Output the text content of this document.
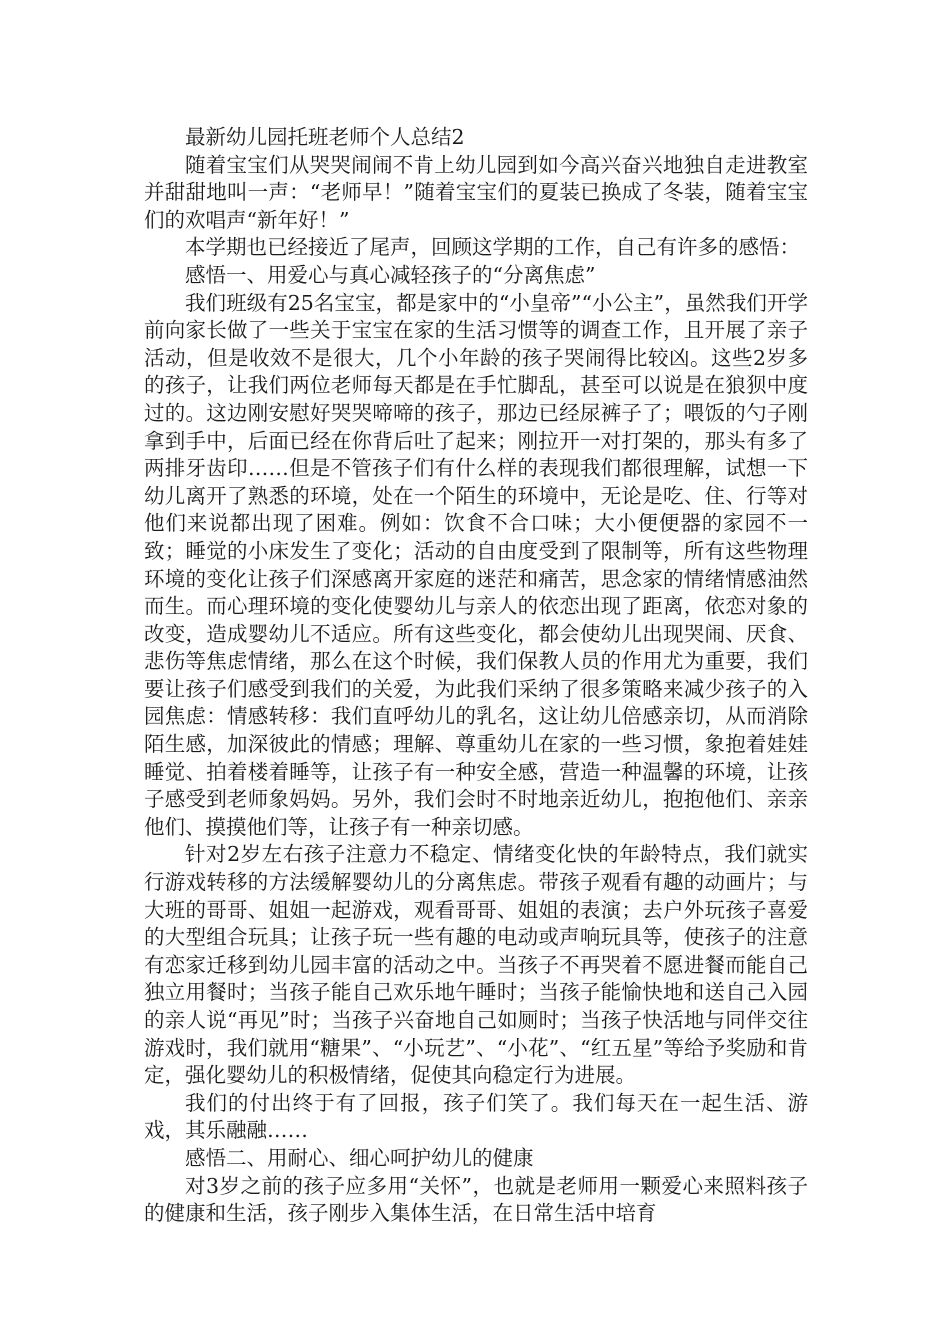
最新幼儿园托班老师个人总结2

随着宝宝们从哭哭闹闹不肯上幼儿园到如今高兴奋兴地独自走进教室并甜甜地叫一声：“老师早！”随着宝宝们的夏装已换成了冬装，随着宝宝们的欢唱声“新年好！”

本学期也已经接近了尾声，回顾这学期的工作，自己有许多的感悟：

感悟一、用爱心与真心减轻孩子的“分离焦虑”

我们班级有25名宝宝，都是家中的“小皇帝”“小公主”，虽然我们开学前向家长做了一些关于宝宝在家的生活习惯等的调查工作，且开展了亲子活动，但是收效不是很大，几个小年龄的孩子哭闹得比较凶。这些2岁多的孩子，让我们两位老师每天都是在手忙脚乱，甚至可以说是在狼狈中度过的。这边刚安慰好哭哭啼啼的孩子，那边已经尿裤子了；喂饭的勺子刚拿到手中，后面已经在你背后吐了起来；刚拉开一对打架的，那头有多了两排牙齿印……但是不管孩子们有什么样的表现我们都很理解，试想一下幼儿离开了熟悉的环境，处在一个陌生的环境中，无论是吃、住、行等对他们来说都出现了困难。例如：饮食不合口味；大小便便器的家园不一致；睡觉的小床发生了变化；活动的自由度受到了限制等，所有这些物理环境的变化让孩子们深感离开家庭的迷茫和痛苦，思念家的情绪情感油然而生。而心理环境的变化使婴幼儿与亲人的依恋出现了距离，依恋对象的改变，造成婴幼儿不适应。所有这些变化，都会使幼儿出现哭闹、厌食、悲伤等焦虑情绪，那么在这个时候，我们保教人员的作用尤为重要，我们要让孩子们感受到我们的关爱，为此我们采纳了很多策略来减少孩子的入园焦虑：情感转移：我们直呼幼儿的乳名，这让幼儿倍感亲切，从而消除陌生感，加深彼此的情感；理解、尊重幼儿在家的一些习惯，象抱着娃娃睡觉、拍着楼着睡等，让孩子有一种安全感，营造一种温馨的环境，让孩子感受到老师象妈妈。另外，我们会时不时地亲近幼儿，抱抱他们、亲亲他们、摸摸他们等，让孩子有一种亲切感。

针对2岁左右孩子注意力不稳定、情绪变化快的年龄特点，我们就实行游戏转移的方法缓解婴幼儿的分离焦虑。带孩子观看有趣的动画片；与大班的哥哥、姐姐一起游戏，观看哥哥、姐姐的表演；去户外玩孩子喜爱的大型组合玩具；让孩子玩一些有趣的电动或声响玩具等，使孩子的注意有恋家迁移到幼儿园丰富的活动之中。当孩子不再哭着不愿进餐而能自己独立用餐时；当孩子能自己欢乐地午睡时；当孩子能愉快地和送自己入园的亲人说“再见”时；当孩子兴奋地自己如厕时；当孩子快活地与同伴交往游戏时，我们就用“糖果”、“小玩艺”、“小花”、“红五星”等给予奖励和肯定，强化婴幼儿的积极情绪，促使其向稳定行为进展。

我们的付出终于有了回报，孩子们笑了。我们每天在一起生活、游戏，其乐融融……

感悟二、用耐心、细心呵护幼儿的健康

对3岁之前的孩子应多用“关怀”，也就是老师用一颗爱心来照料孩子的健康和生活，孩子刚步入集体生活，在日常生活中培育
